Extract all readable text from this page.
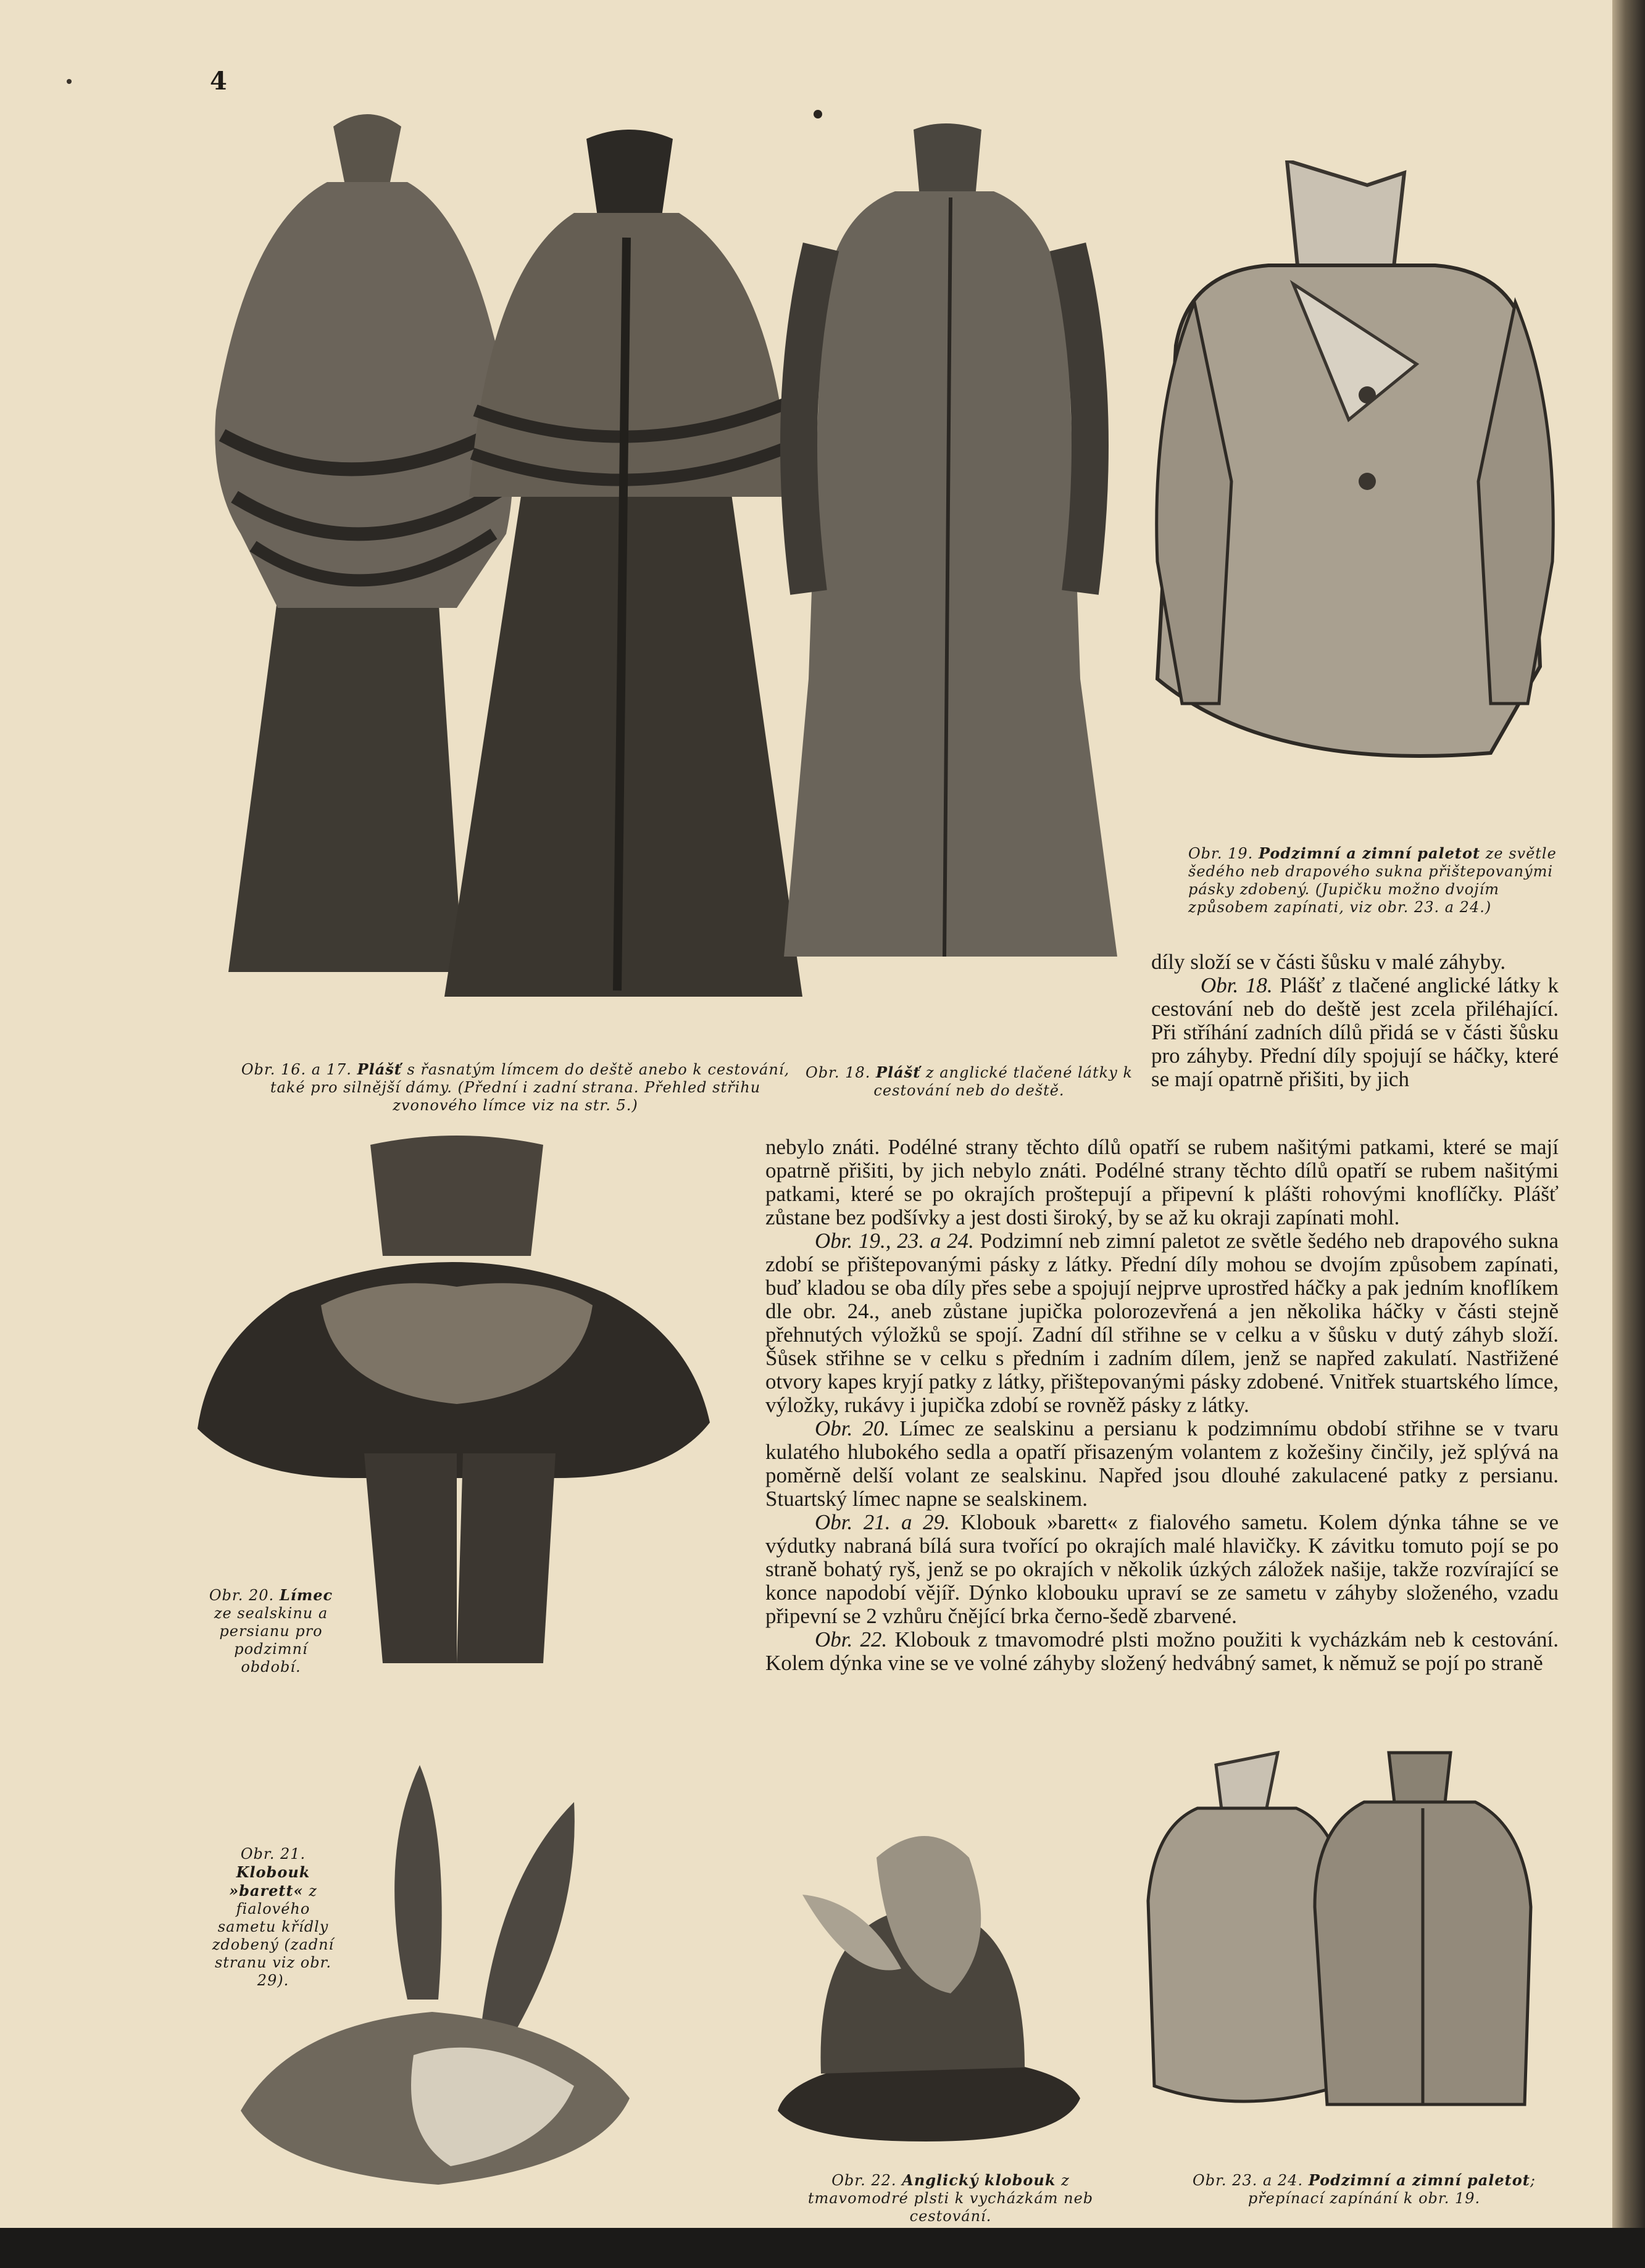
4
Obr. 16. a 17. Plášť s řasnatým límcem do deště anebo k cestování, také pro silnější dámy. (Přední i zadní strana. Přehled střihu zvonového límce viz na str. 5.)
Obr. 18. Plášť z anglické tlačené látky k cestování neb do deště.
Obr. 19. Podzimní a zimní paletot ze světle šedého neb drapového sukna přištepovanými pásky zdobený. (Jupičku možno dvojím způsobem zapínati, viz obr. 23. a 24.)
Obr. 20. Límec ze sealskinu a persianu pro podzimní období.
Obr. 21. Klobouk »barett« z fialového sametu křídly zdobený (zadní stranu viz obr. 29).
Obr. 22. Anglický klobouk z tmavomodré plsti k vycházkám neb cestování.
Obr. 23. a 24. Podzimní a zimní paletot; přepínací zapínání k obr. 19.

díly složí se v části šůsku v malé záhyby.

Obr. 18. Plášť z tlačené anglické látky k cestování neb do deště jest zcela přiléhající. Při stříhání zadních dílů přidá se v části šůsku pro záhyby. Přední díly spojují se háčky, které se mají opatrně přišiti, by jich

nebylo znáti. Podélné strany těchto dílů opatří se rubem našitými patkami, které se mají opatrně přišiti, by jich nebylo znáti. Podélné strany těchto dílů opatří se rubem našitými patkami, které se po okrajích proštepují a připevní k plášti rohovými knoflíčky. Plášť zůstane bez podšívky a jest dosti široký, by se až ku okraji zapínati mohl.

Obr. 19., 23. a 24. Podzimní neb zimní paletot ze světle šedého neb drapového sukna zdobí se přištepovanými pásky z látky. Přední díly mohou se dvojím způsobem zapínati, buď kladou se oba díly přes sebe a spojují nejprve uprostřed háčky a pak jedním knoflíkem dle obr. 24., aneb zůstane jupička polorozevřená a jen několika háčky v části stejně přehnutých výložků se spojí. Zadní díl střihne se v celku a v šůsku v dutý záhyb složí. Šůsek střihne se v celku s předním i zadním dílem, jenž se napřed zakulatí. Nastřižené otvory kapes kryjí patky z látky, přištepovanými pásky zdobené. Vnitřek stuartského límce, výložky, rukávy i jupička zdobí se rovněž pásky z látky.

Obr. 20. Límec ze sealskinu a persianu k podzimnímu období střihne se v tvaru kulatého hlubokého sedla a opatří přisazeným volantem z kožešiny činčily, jež splývá na poměrně delší volant ze sealskinu. Napřed jsou dlouhé zakulacené patky z persianu. Stuartský límec napne se sealskinem.

Obr. 21. a 29. Klobouk »barett« z fialového sametu. Kolem dýnka táhne se ve výdutky nabraná bílá sura tvořící po okrajích malé hlavičky. K závitku tomuto pojí se po straně bohatý ryš, jenž se po okrajích v několik úzkých záložek našije, takže rozvírající se konce napodobí vějíř. Dýnko klobouku upraví se ze sametu v záhyby složeného, vzadu připevní se 2 vzhůru čnějící brka černo-šedě zbarvené.

Obr. 22. Klobouk z tmavomodré plsti možno použiti k vycházkám neb k cestování. Kolem dýnka vine se ve volné záhyby složený hedvábný samet, k němuž se pojí po straně
